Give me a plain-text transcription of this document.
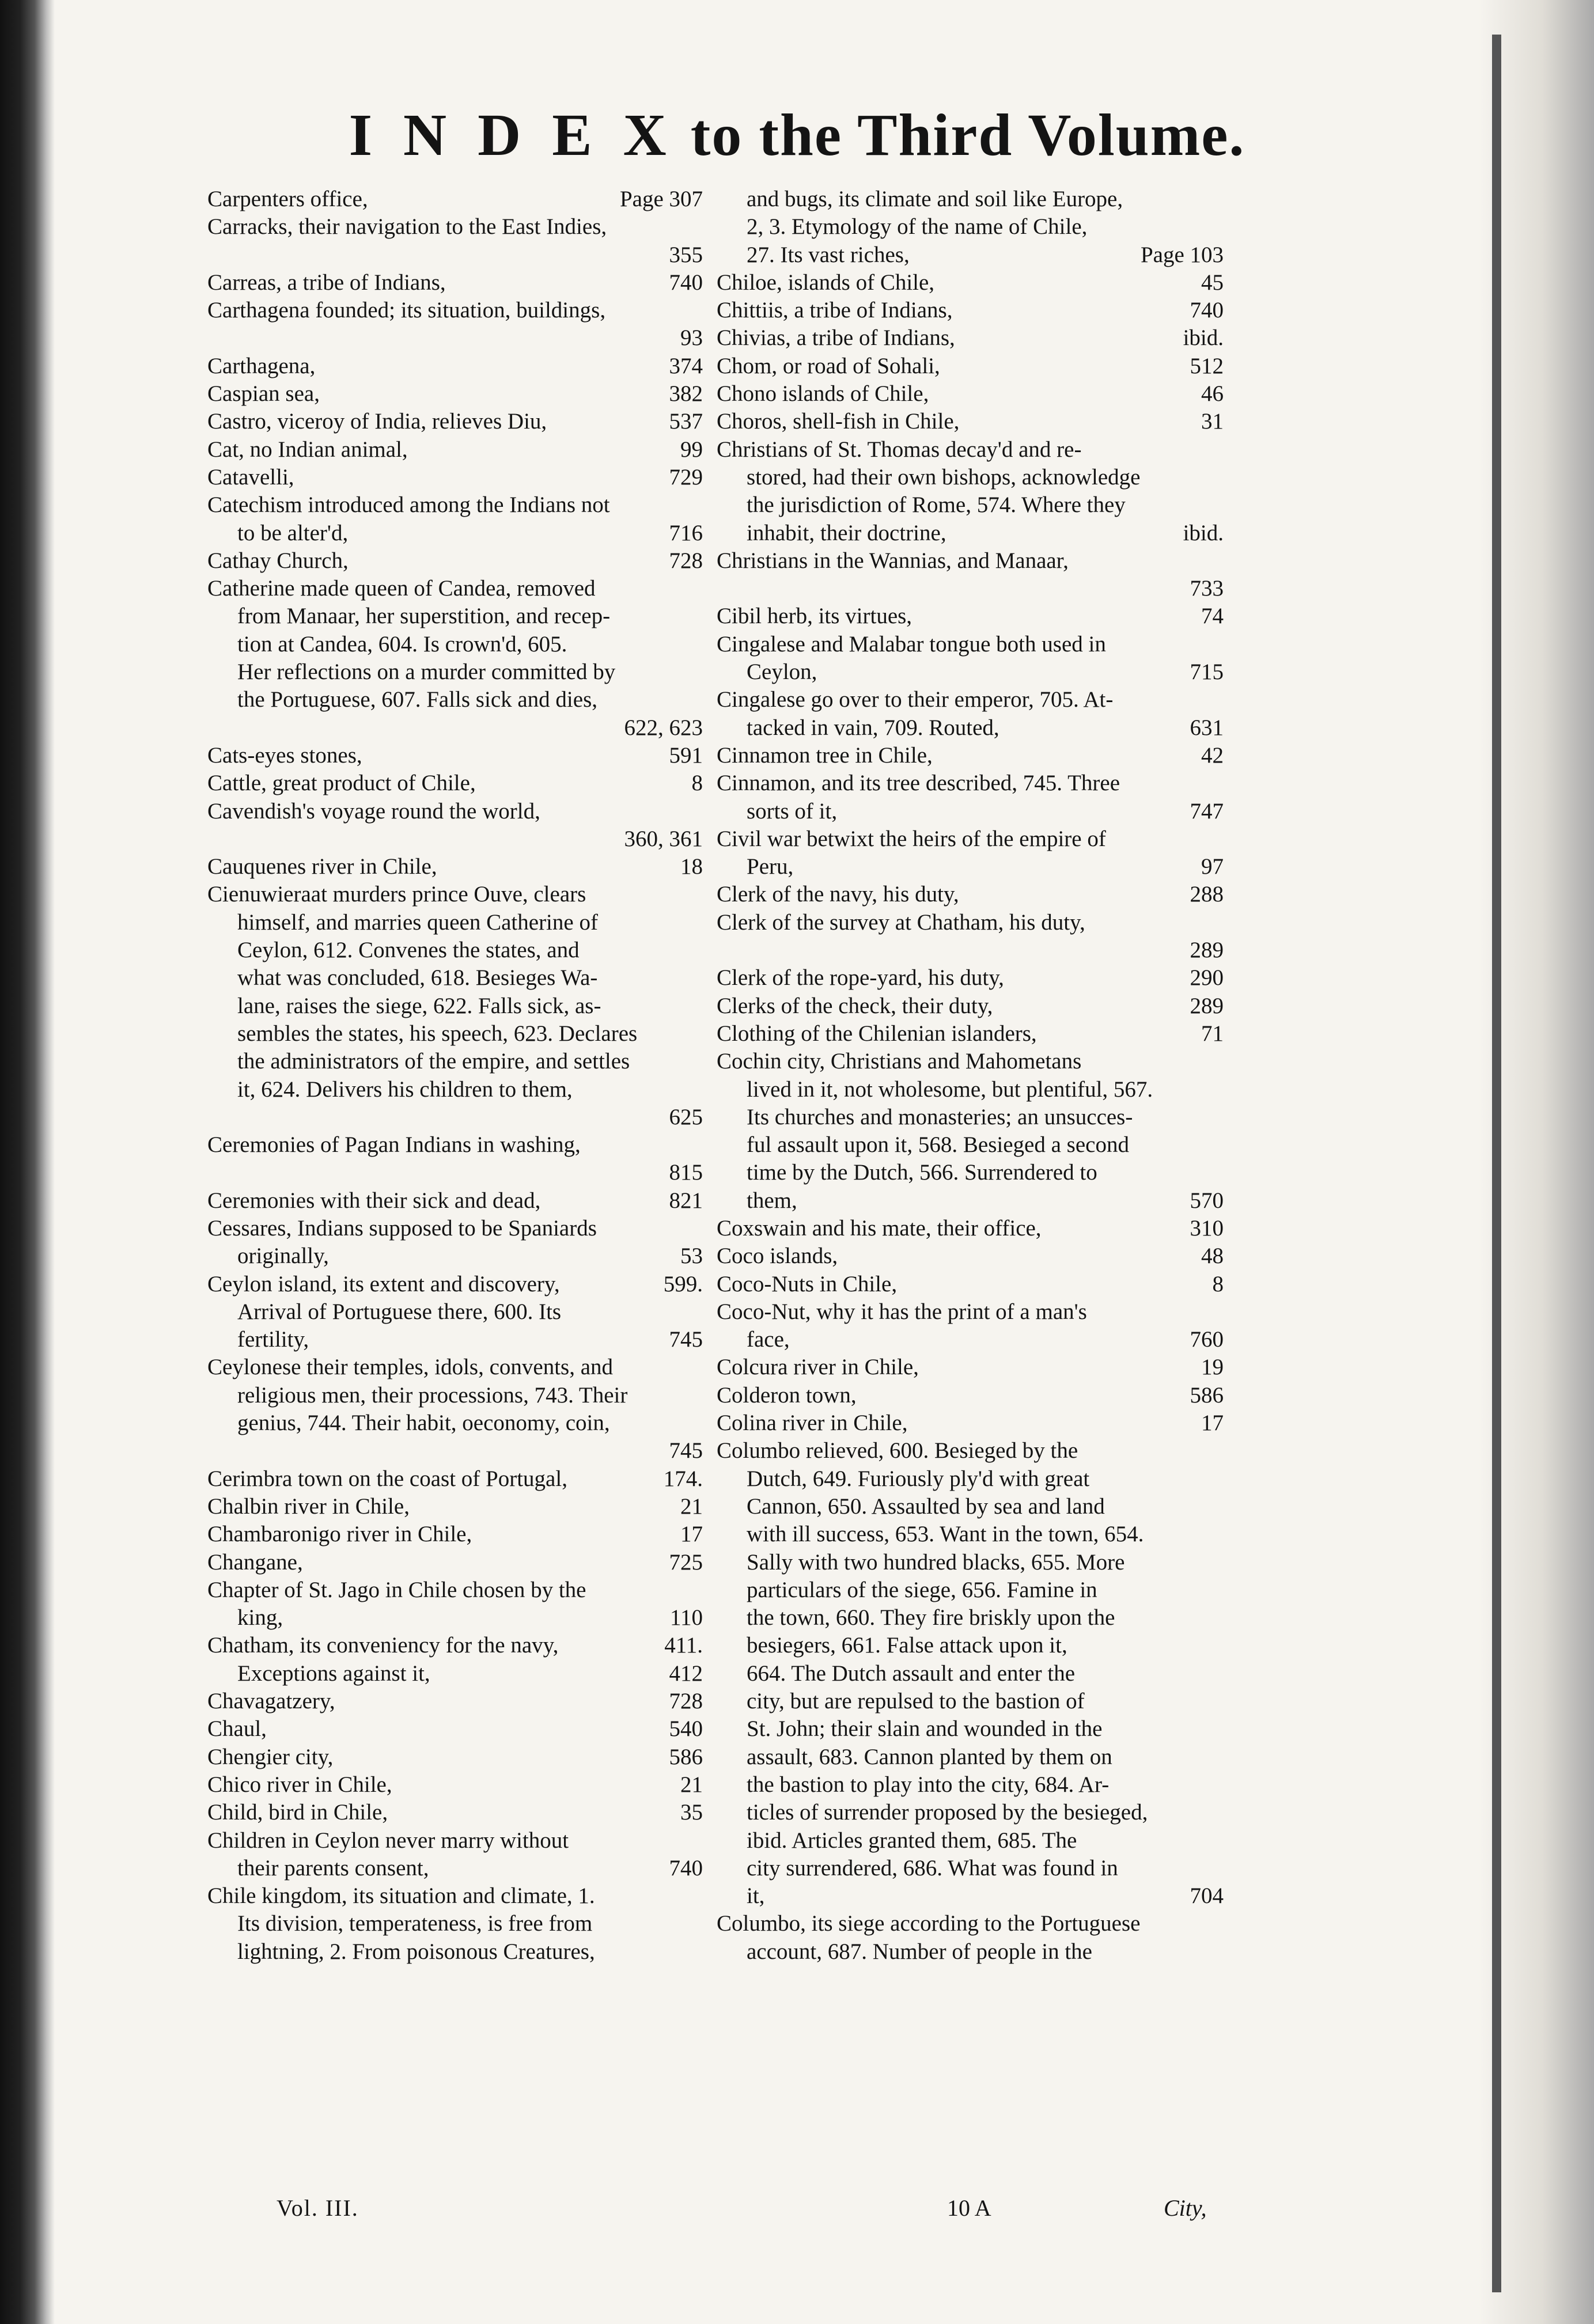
I N D E X to the Third Volume.
Page 307
Carpenters office,
Carracks, their navigation to the East Indies,
355

740
Carreas, a tribe of Indians,
Carthagena founded; its situation, buildings,
93

374
Carthagena,
382
Caspian sea,
537
Castro, viceroy of India, relieves Diu,
99
Cat, no Indian animal,
729
Catavelli,
Catechism introduced among the Indians not
716
to be alter'd,
728
Cathay Church,
Catherine made queen of Candea, removed
from Manaar, her superstition, and recep-
tion at Candea, 604. Is crown'd, 605.
Her reflections on a murder committed by
the Portuguese, 607. Falls sick and dies,
622, 623

591
Cats-eyes stones,
8
Cattle, great product of Chile,
Cavendish's voyage round the world,
360, 361

18
Cauquenes river in Chile,
Cienuwieraat murders prince Ouve, clears
himself, and marries queen Catherine of
Ceylon, 612. Convenes the states, and
what was concluded, 618. Besieges Wa-
lane, raises the siege, 622. Falls sick, as-
sembles the states, his speech, 623. Declares
the administrators of the empire, and settles
it, 624. Delivers his children to them,
625

Ceremonies of Pagan Indians in washing,
815

821
Ceremonies with their sick and dead,
Cessares, Indians supposed to be Spaniards
53
originally,
599.
Ceylon island, its extent and discovery,
Arrival of Portuguese there, 600. Its
745
fertility,
Ceylonese their temples, idols, convents, and
religious men, their processions, 743. Their
genius, 744. Their habit, oeconomy, coin,
745

174.
Cerimbra town on the coast of Portugal,
21
Chalbin river in Chile,
17
Chambaronigo river in Chile,
725
Changane,
Chapter of St. Jago in Chile chosen by the
110
king,
411.
Chatham, its conveniency for the navy,
412
Exceptions against it,
728
Chavagatzery,
540
Chaul,
586
Chengier city,
21
Chico river in Chile,
35
Child, bird in Chile,
Children in Ceylon never marry without
740
their parents consent,
Chile kingdom, its situation and climate, 1.
Its division, temperateness, is free from
lightning, 2. From poisonous Creatures,
and bugs, its climate and soil like Europe,
2, 3. Etymology of the name of Chile,
Page 103
27. Its vast riches,
45
Chiloe, islands of Chile,
740
Chittiis, a tribe of Indians,
ibid.
Chivias, a tribe of Indians,
512
Chom, or road of Sohali,
46
Chono islands of Chile,
31
Choros, shell-fish in Chile,
Christians of St. Thomas decay'd and re-
stored, had their own bishops, acknowledge
the jurisdiction of Rome, 574. Where they
ibid.
inhabit, their doctrine,
Christians in the Wannias, and Manaar,
733

74
Cibil herb, its virtues,
Cingalese and Malabar tongue both used in
715
Ceylon,
Cingalese go over to their emperor, 705. At-
631
tacked in vain, 709. Routed,
42
Cinnamon tree in Chile,
Cinnamon, and its tree described, 745. Three
747
sorts of it,
Civil war betwixt the heirs of the empire of
97
Peru,
288
Clerk of the navy, his duty,
Clerk of the survey at Chatham, his duty,
289

290
Clerk of the rope-yard, his duty,
289
Clerks of the check, their duty,
71
Clothing of the Chilenian islanders,
Cochin city, Christians and Mahometans
lived in it, not wholesome, but plentiful, 567.
Its churches and monasteries; an unsucces-
ful assault upon it, 568. Besieged a second
time by the Dutch, 566. Surrendered to
570
them,
310
Coxswain and his mate, their office,
48
Coco islands,
8
Coco-Nuts in Chile,
Coco-Nut, why it has the print of a man's
760
face,
19
Colcura river in Chile,
586
Colderon town,
17
Colina river in Chile,
Columbo relieved, 600. Besieged by the
Dutch, 649. Furiously ply'd with great
Cannon, 650. Assaulted by sea and land
with ill success, 653. Want in the town, 654.
Sally with two hundred blacks, 655. More
particulars of the siege, 656. Famine in
the town, 660. They fire briskly upon the
besiegers, 661. False attack upon it,
664. The Dutch assault and enter the
city, but are repulsed to the bastion of
St. John; their slain and wounded in the
assault, 683. Cannon planted by them on
the bastion to play into the city, 684. Ar-
ticles of surrender proposed by the besieged,
ibid. Articles granted them, 685. The
city surrendered, 686. What was found in
704
it,
Columbo, its siege according to the Portuguese
account, 687. Number of people in the
Vol. III.	10 A	City,
